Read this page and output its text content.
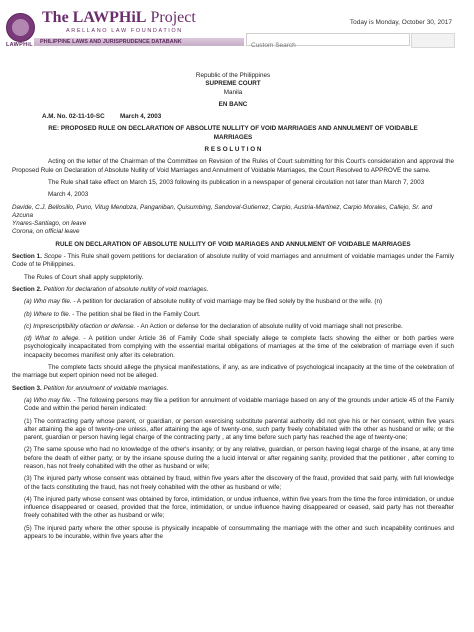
LAWPHiL
The LAWPHiL Project
ARELLANO LAW FOUNDATION
PHILIPPINE LAWS AND JURISPRUDENCE DATABANK
Today is Monday, October 30, 2017
Custom Search

Republic of the Philippines

SUPREME COURT

Manila

EN BANC

A.M. No. 02-11-10-SC	March 4, 2003

RE: PROPOSED RULE ON DECLARATION OF ABSOLUTE NULLITY OF VOID MARRIAGES AND ANNULMENT OF VOIDABLE MARRIAGES

R E S O L U T I O N

Acting on the letter of the Chairman of the Committee on Revision of the Rules of Court submitting for this Court's consideration and approval the Proposed Rule on Declaration of Absolute Nullity of Void Marriages and Annulment of Voidable Marriages, the Court Resolved to APPROVE the same.

The Rule shall take effect on March 15, 2003 following its publication in a newspaper of general circulation not later than March 7, 2003

March 4, 2003

Davide, C.J. Bellosillo, Puno, Vitug Mendoza, Panganiban, Quisumbing, Sandoval-Gutierrez, Carpio, Austria-Martinez, Carpio Morales, Callejo, Sr. and Azcuna

Ynares-Santiago, on leave

Corona, on official leave

RULE ON DECLARATION OF ABSOLUTE NULLITY OF VOID MARIAGES AND ANNULMENT OF VOIDABLE MARRIAGES

Section 1. Scope - This Rule shall govern petitions for declaration of absolute nullity of void marriages and annulment of voidable marriages under the Family Code of te Philippines.

The Rules of Court shall apply suppletorily.

Section 2. Petition for declaration of absolute nullity of void marriages.

(a) Who may file. - A petition for declaration of absolute nullity of void marriage may be filed solely by the husband or the wife. (n)

(b) Where to file. - The petition shal be filed in the Family Court.

(c) Imprescriptibility ofaction or defense. - An Action or defense for the declaration of absolute nullity of void marriage shall not prescribe.

(d) What to allege. - A petition under Article 36 of Family Code shall specially allege te complete facts showing the either or both parties were psychologically incapacitated from complying with the essential marital obligations of marriages at the time of the celebration of marriage even if such incapacity becomes manifest only after its celebration.

The complete facts should allege the physical manifestations, if any, as are indicative of psychological incapacity at the time of the celebration of the marriage but expert opinion need not be alleged.

Section 3. Petition for annulment of voidable marriages.

(a) Who may file. - The following persons may file a petition for annulment of voidable marriage based on any of the grounds under article 45 of the Family Code and within the period herein indicated:

(1) The contracting party whose parent, or guardian, or person exercising substitute parental authority did not give his or her consent, within five years after attaining the age of twenty-one unless, after attaining the age of twenty-one, such party freely cohabitated with the other as husband or wife; or the parent, guardian or person having legal charge of the contracting party , at any time before such party has reached the age of twenty-one;

(2) The same spouse who had no knowledge of the other's insanity; or by any relative, guardian, or person having legal charge of the insane, at any time before the death of either party; or by the insane spouse during the a lucid interval or after regaining sanity, provided that the petitioner , after coming to reason, has not freely cohabited with the other as husband or wife;

(3) The injured party whose consent was obtained by fraud, within five years after the discovery of the fraud, provided that said party, with full knowledge of the facts constituting the fraud, has not freely cohabited with the other as husband or wife;

(4) The injured party whose consent was obtained by force, intimidation, or undue influence, within five years from the time the force intimidation, or undue influence disappeared or ceased, provided that the force, intimidation, or undue influence having disappeared or ceased, said party has not thereafter freely cohabited with the other as husband or wife;

(5) The injured party where the other spouse is physically incapable of consummating the marriage with the other and such incapability continues and appears to be incurable, within five years after the
